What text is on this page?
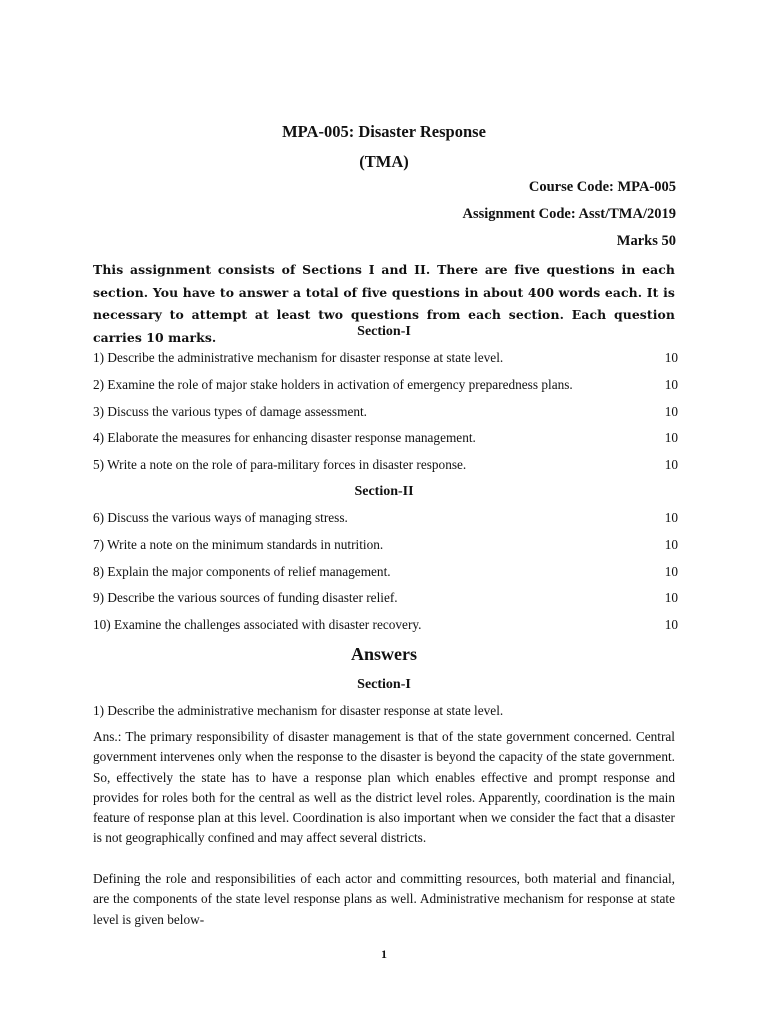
MPA-005: Disaster Response
(TMA)
Course Code: MPA-005
Assignment Code: Asst/TMA/2019
Marks 50
This assignment consists of Sections I and II. There are five questions in each section. You have to answer a total of five questions in about 400 words each. It is necessary to attempt at least two questions from each section. Each question carries 10 marks.	Section-I
1) Describe the administrative mechanism for disaster response at state level.	10
2) Examine the role of major stake holders in activation of emergency preparedness plans.	10
3) Discuss the various types of damage assessment.	10
4) Elaborate the measures for enhancing disaster response management.	10
5) Write a note on the role of para-military forces in disaster response.	10
Section-II
6) Discuss the various ways of managing stress.	10
7) Write a note on the minimum standards in nutrition.	10
8) Explain the major components of relief management.	10
9) Describe the various sources of funding disaster relief.	10
10) Examine the challenges associated with disaster recovery.	10
Answers
Section-I
1) Describe the administrative mechanism for disaster response at state level.
Ans.: The primary responsibility of disaster management is that of the state government concerned. Central government intervenes only when the response to the disaster is beyond the capacity of the state government. So, effectively the state has to have a response plan which enables effective and prompt response and provides for roles both for the central as well as the district level roles. Apparently, coordination is the main feature of response plan at this level. Coordination is also important when we consider the fact that a disaster is not geographically confined and may affect several districts.
Defining the role and responsibilities of each actor and committing resources, both material and financial, are the components of the state level response plans as well. Administrative mechanism for response at state level is given below-
1
